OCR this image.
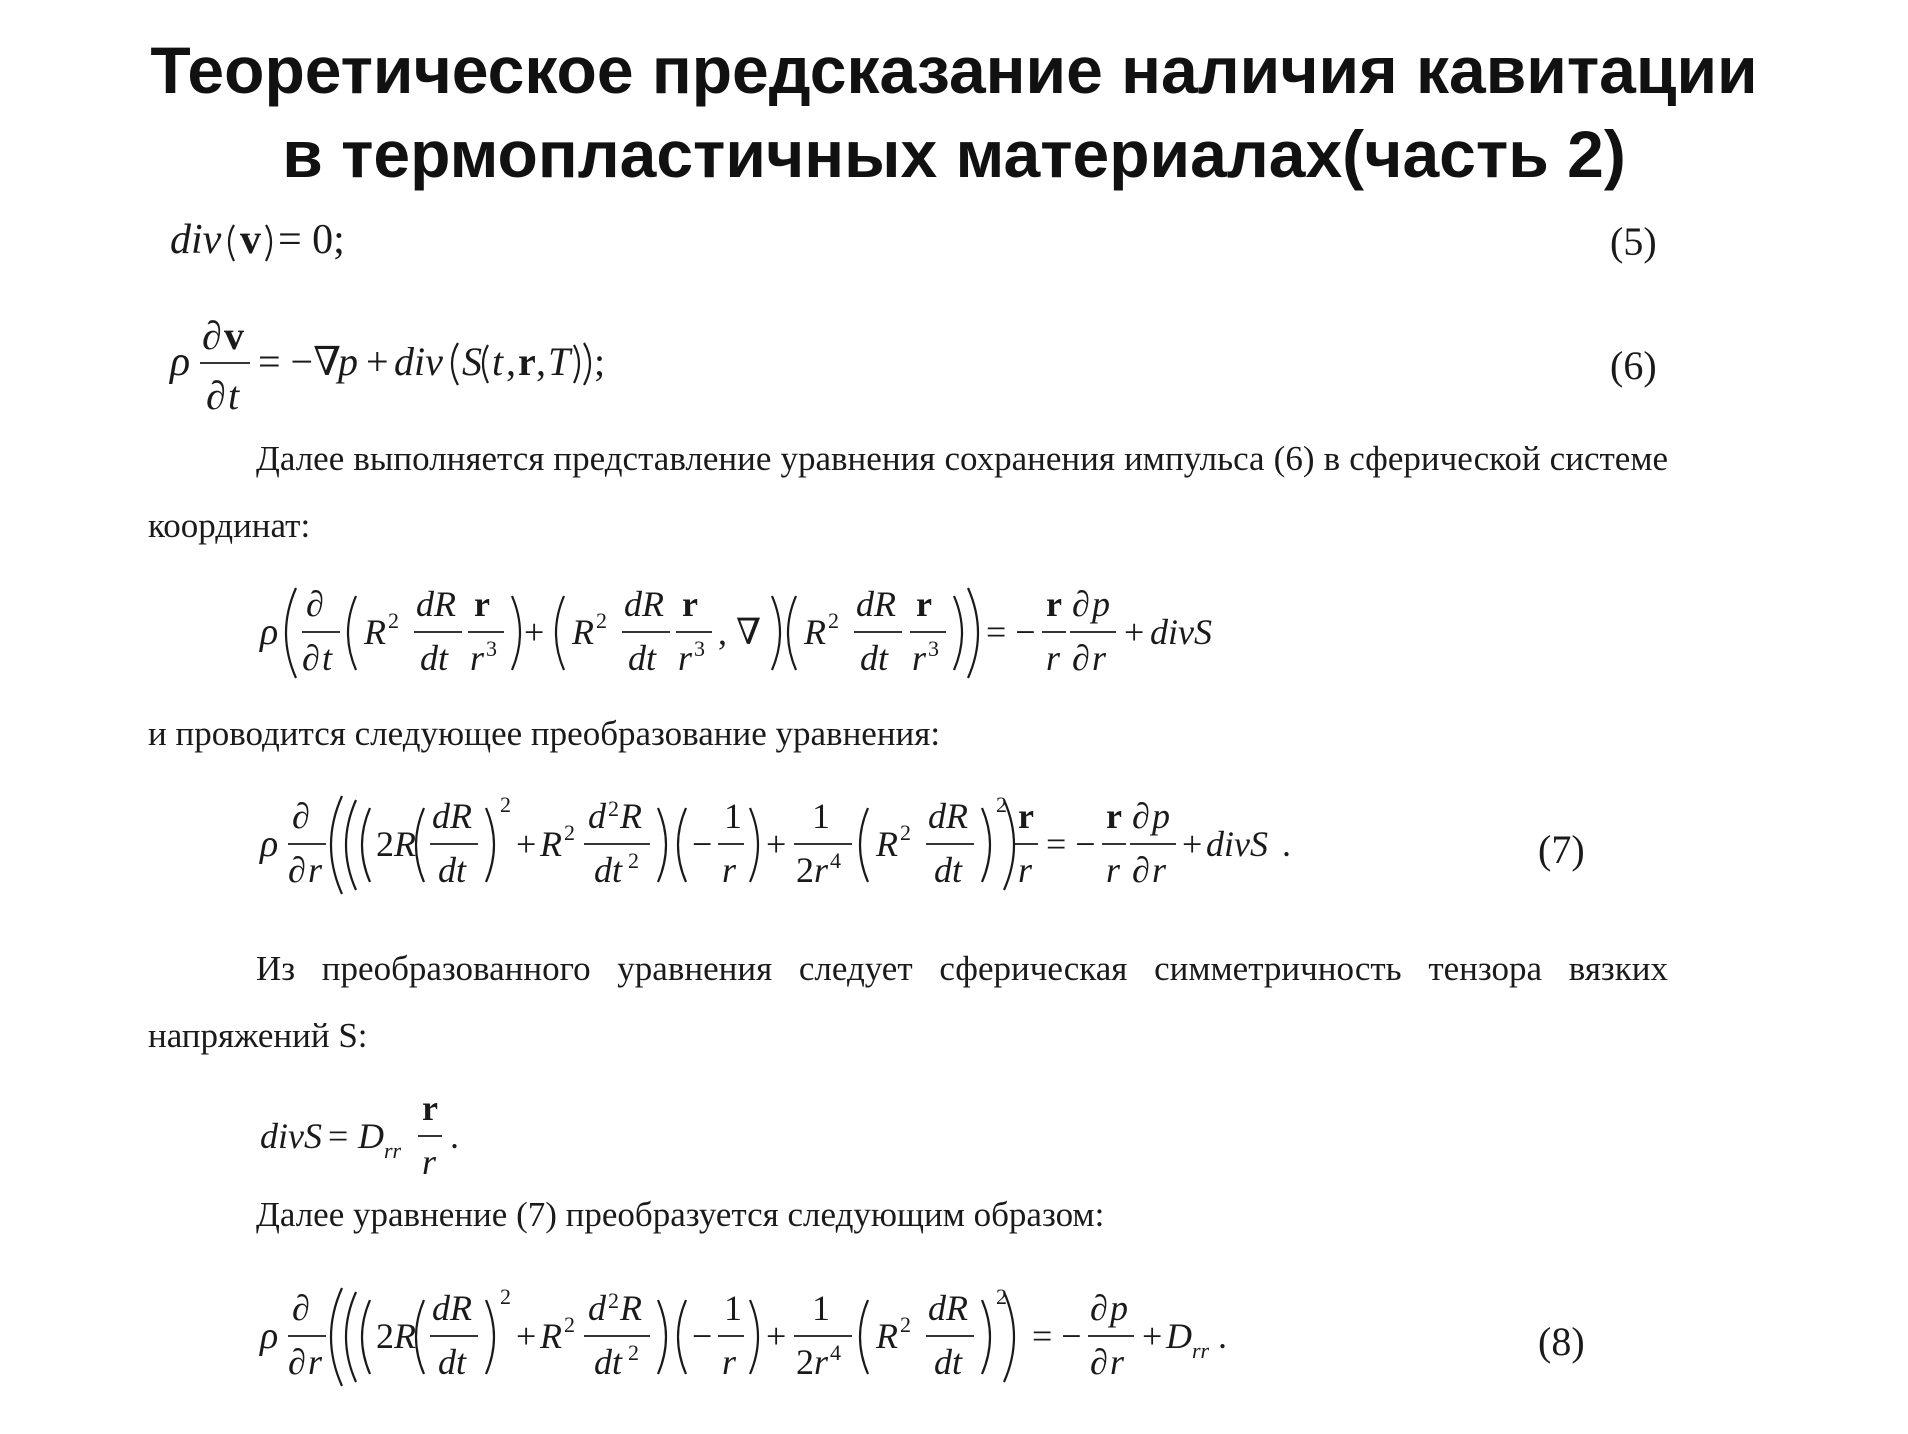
Теоретическое предсказание наличия кавитации
в термопластичных материалах(часть 2)
div v = 0;	(5)
ρ
∂ v
∂ t
= −∇
p + div S t , r , T ;	(6)
Далее выполняется представление уравнения сохранения импульса (6) в сферической системе координат:
ρ
∂
∂ t
R 2 dR
dt
r
r 3 + R 2 dR
dt
r
r 3 , ∇ R 2 dR
dt
r
r 3 = −
r
r
∂ p
∂ r
+ divS
и проводится следующее преобразование уравнения:
ρ
∂
∂ r
2 R
dR
dt
2
+ R 2 d 2 R
dt 2 −
1
r
+
1
2 r 4 R 2 dR
dt
2 r
r
= −
r
r
∂ p
∂ r
+ divS .	(7)
Из преобразованного уравнения следует сферическая симметричность тензора вязких напряжений S:
divS = D rr
r
r
.
Далее уравнение (7) преобразуется следующим образом:
ρ
∂
∂ r
2 R
dR
dt
2
+ R 2 d 2 R
dt 2 −
1
r
+
1
2 r 4 R 2 dR
dt
2
= −
∂ p
∂ r
+ D rr .	(8)
